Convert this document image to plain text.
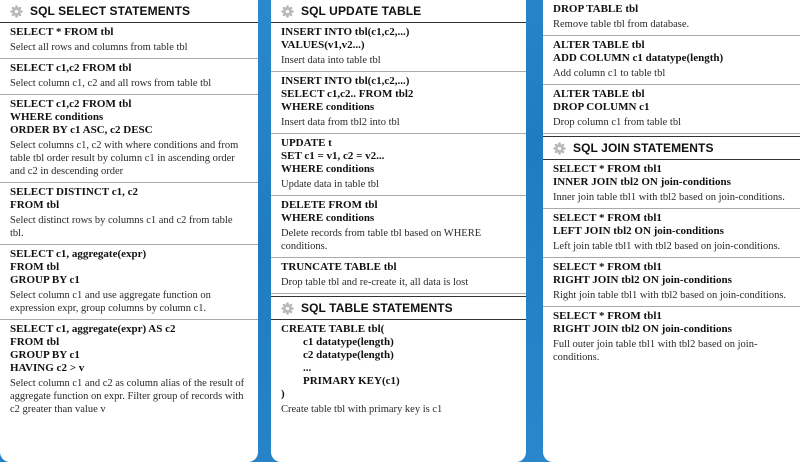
SQL SELECT STATEMENTS
SELECT * FROM tbl
Select all rows and columns from table tbl
SELECT c1,c2 FROM tbl
Select column c1, c2 and all rows from table tbl
SELECT c1,c2 FROM tbl
WHERE conditions
ORDER BY c1 ASC, c2 DESC
Select columns c1, c2 with where conditions and from table tbl order result by column c1 in ascending order and c2 in descending order
SELECT DISTINCT c1, c2
FROM tbl
Select distinct rows by columns c1 and c2 from table tbl.
SELECT c1, aggregate(expr)
FROM tbl
GROUP BY c1
Select column c1 and use aggregate function on expression expr, group columns by column c1.
SELECT c1, aggregate(expr) AS c2
FROM tbl
GROUP BY c1
HAVING c2 > v
Select column c1 and c2 as column alias of the result of aggregate function on expr. Filter group of records with c2 greater than value v
SQL UPDATE TABLE
INSERT INTO tbl(c1,c2,...)
VALUES(v1,v2...)
Insert data into table tbl
INSERT INTO tbl(c1,c2,...)
SELECT c1,c2.. FROM tbl2
WHERE conditions
Insert data from tbl2 into tbl
UPDATE t
SET c1 = v1, c2 = v2...
WHERE conditions
Update data in table tbl
DELETE FROM tbl
WHERE conditions
Delete records from table tbl based on WHERE conditions.
TRUNCATE TABLE tbl
Drop table tbl and re-create it, all data is lost
SQL TABLE STATEMENTS
CREATE TABLE tbl(
c1 datatype(length)
c2 datatype(length)
...
PRIMARY KEY(c1)
)
Create table tbl with primary key is c1
DROP TABLE tbl
Remove table tbl from database.
ALTER TABLE tbl
ADD COLUMN c1 datatype(length)
Add column c1 to table tbl
ALTER TABLE tbl
DROP COLUMN c1
Drop column c1 from table tbl
SQL JOIN STATEMENTS
SELECT * FROM tbl1
INNER JOIN tbl2 ON join-conditions
Inner join table tbl1 with tbl2 based on join-conditions.
SELECT * FROM tbl1
LEFT JOIN tbl2 ON join-conditions
Left join table tbl1 with tbl2 based on join-conditions.
SELECT * FROM tbl1
RIGHT JOIN tbl2 ON join-conditions
Right join table tbl1 with tbl2 based on join-conditions.
SELECT * FROM tbl1
RIGHT JOIN tbl2 ON join-conditions
Full outer join table tbl1 with tbl2 based on join-conditions.
